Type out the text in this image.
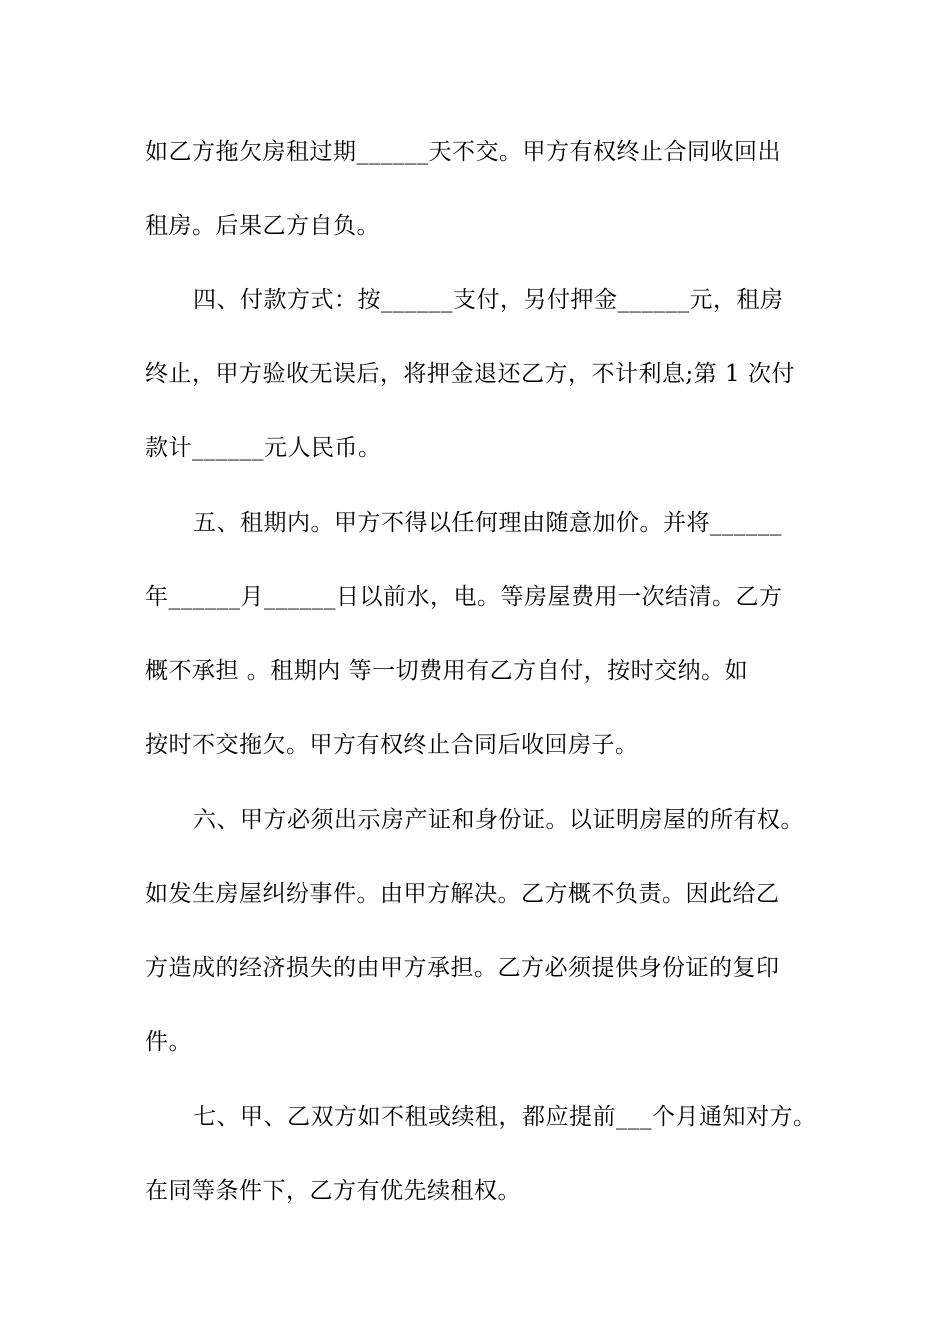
如乙方拖欠房租过期______天不交。甲方有权终止合同收回出
租房。后果乙方自负。
四、付款方式：按______支付，另付押金______元，租房
终止，甲方验收无误后，将押金退还乙方，不计利息;第 1 次付
款计______元人民币。
五、租期内。甲方不得以任何理由随意加价。并将______
年______月______日以前水，电。等房屋费用一次结清。乙方
概不承担 。租期内 等一切费用有乙方自付，按时交纳。如
按时不交拖欠。甲方有权终止合同后收回房子。
六、甲方必须出示房产证和身份证。以证明房屋的所有权。
如发生房屋纠纷事件。由甲方解决。乙方概不负责。因此给乙
方造成的经济损失的由甲方承担。乙方必须提供身份证的复印
件。
七、甲、乙双方如不租或续租，都应提前___个月通知对方。
在同等条件下，乙方有优先续租权。
